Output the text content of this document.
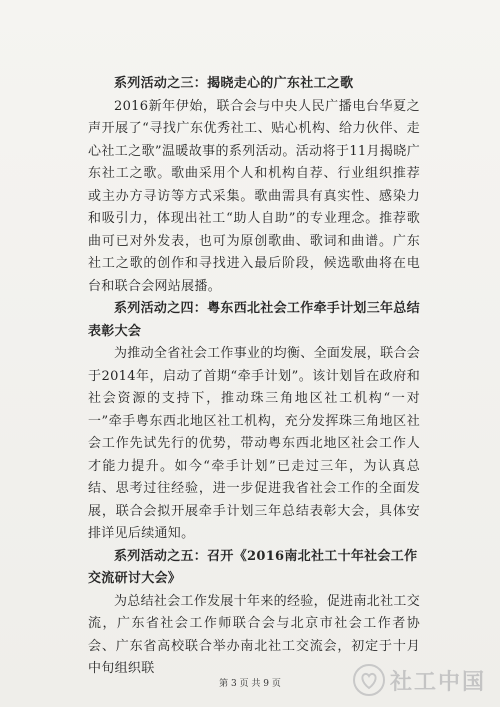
系列活动之三：揭晓走心的广东社工之歌

2016新年伊始，联合会与中央人民广播电台华夏之声开展了“寻找广东优秀社工、贴心机构、给力伙伴、走心社工之歌”温暖故事的系列活动。活动将于11月揭晓广东社工之歌。歌曲采用个人和机构自荐、行业组织推荐或主办方寻访等方式采集。歌曲需具有真实性、感染力和吸引力，体现出社工“助人自助”的专业理念。推荐歌曲可已对外发表，也可为原创歌曲、歌词和曲谱。广东社工之歌的创作和寻找进入最后阶段，候选歌曲将在电台和联合会网站展播。

系列活动之四：粤东西北社会工作牵手计划三年总结表彰大会

为推动全省社会工作事业的均衡、全面发展，联合会于2014年，启动了首期“牵手计划”。该计划旨在政府和社会资源的支持下，推动珠三角地区社工机构“一对一”牵手粤东西北地区社工机构，充分发挥珠三角地区社会工作先试先行的优势，带动粤东西北地区社会工作人才能力提升。如今“牵手计划”已走过三年，为认真总结、思考过往经验，进一步促进我省社会工作的全面发展，联合会拟开展牵手计划三年总结表彰大会，具体安排详见后续通知。

系列活动之五：召开《2016南北社工十年社会工作交流研讨大会》

为总结社会工作发展十年来的经验，促进南北社工交流，广东省社会工作师联合会与北京市社会工作者协会、广东省高校联合举办南北社工交流会，初定于十月中旬组织联

第 3 页 共 9 页	社工中国
